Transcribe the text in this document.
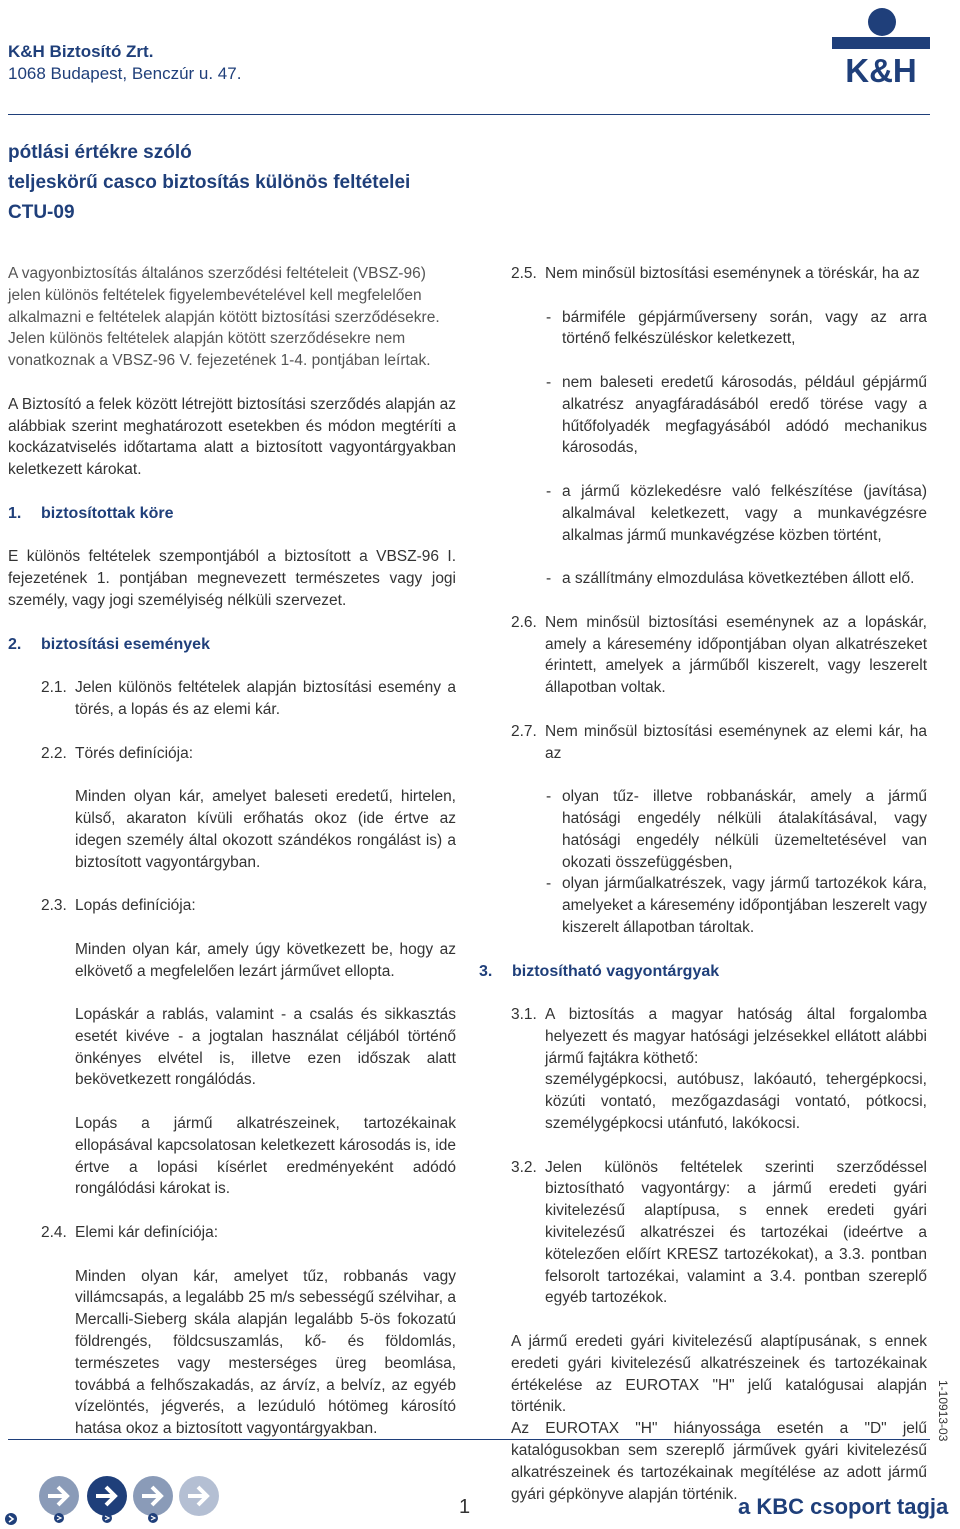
K&H Biztosító Zrt.
1068 Budapest, Benczúr u. 47.	K&H
pótlási értékre szóló
teljeskörű casco biztosítás különös feltételei
CTU-09
A vagyonbiztosítás általános szerződési feltételeit (VBSZ-96) jelen különös feltételek figyelembevételével kell megfelelően alkalmazni e feltételek alapján kötött biztosítási szerződésekre.
Jelen különös feltételek alapján kötött szerződésekre nem vonatkoznak a VBSZ-96 V. fejezetének 1-4. pontjában leírtak.
A Biztosító a felek között létrejött biztosítási szerződés alapján az alábbiak szerint meghatározott esetekben és módon megtéríti a kockázatviselés időtartama alatt a biztosított vagyontárgyakban keletkezett károkat.
1.	biztosítottak köre
E különös feltételek szempontjából a biztosított a VBSZ-96 I. fejezetének 1. pontjában megnevezett természetes vagy jogi személy, vagy jogi személyiség nélküli szervezet.
2.	biztosítási események
2.1. Jelen különös feltételek alapján biztosítási esemény a törés, a lopás és az elemi kár.
2.2. Törés definíciója:
Minden olyan kár, amelyet baleseti eredetű, hirtelen, külső, akaraton kívüli erőhatás okoz (ide értve az idegen személy által okozott szándékos rongálást is) a biztosított vagyontárgyban.
2.3. Lopás definíciója:
Minden olyan kár, amely úgy következett be, hogy az elkövető a megfelelően lezárt járművet ellopta.
Lopáskár a rablás, valamint - a csalás és sikkasztás esetét kivéve - a jogtalan használat céljából történő önkényes elvétel is, illetve ezen időszak alatt bekövetkezett rongálódás.
Lopás a jármű alkatrészeinek, tartozékainak ellopásával kapcsolatosan keletkezett károsodás is, ide értve a lopási kísérlet eredményeként adódó rongálódási károkat is.
2.4. Elemi kár definíciója:
Minden olyan kár, amelyet tűz, robbanás vagy villámcsapás, a legalább 25 m/s sebességű szélvihar, a Mercalli-Sieberg skála alapján legalább 5-ös fokozatú földrengés, földcsuszamlás, kő- és földomlás, természetes vagy mesterséges üreg beomlása, továbbá a felhőszakadás, az árvíz, a belvíz, az egyéb vízelöntés, jégverés, a lezúduló hótömeg károsító hatása okoz a biztosított vagyontárgyakban.
2.5. Nem minősül biztosítási eseménynek a töréskár, ha az
- bármiféle gépjárműverseny során, vagy az arra történő felkészüléskor keletkezett,
- nem baleseti eredetű károsodás, például gépjármű alkatrész anyagfáradásából eredő törése vagy a hűtőfolyadék megfagyásából adódó mechanikus károsodás,
- a jármű közlekedésre való felkészítése (javítása) alkalmával keletkezett, vagy a munkavégzésre alkalmas jármű munkavégzése közben történt,
- a szállítmány elmozdulása következtében állott elő.
2.6. Nem minősül biztosítási eseménynek az a lopáskár, amely a káresemény időpontjában olyan alkatrészeket érintett, amelyek a járműből kiszerelt, vagy leszerelt állapotban voltak.
2.7. Nem minősül biztosítási eseménynek az elemi kár, ha az
- olyan tűz- illetve robbanáskár, amely a jármű hatósági engedély nélküli átalakításával, vagy hatósági engedély nélküli üzemeltetésével van okozati összefüggésben,
- olyan járműalkatrészek, vagy jármű tartozékok kára, amelyeket a káresemény időpontjában leszerelt vagy kiszerelt állapotban tároltak.
3.	biztosítható vagyontárgyak
3.1. A biztosítás a magyar hatóság által forgalomba helyezett és magyar hatósági jelzésekkel ellátott alábbi jármű fajtákra köthető:
személygépkocsi, autóbusz, lakóautó, tehergépkocsi, közúti vontató, mezőgazdasági vontató, pótkocsi, személygépkocsi utánfutó, lakókocsi.
3.2. Jelen különös feltételek szerinti szerződéssel biztosítható vagyontárgy: a jármű eredeti gyári kivitelezésű alaptípusa, s ennek eredeti gyári kivitelezésű alkatrészei és tartozékai (ideértve a kötelezően előírt KRESZ tartozékokat), a 3.3. pontban felsorolt tartozékai, valamint a 3.4. pontban szereplő egyéb tartozékok.
A jármű eredeti gyári kivitelezésű alaptípusának, s ennek eredeti gyári kivitelezésű alkatrészeinek és tartozékainak értékelése az EUROTAX "H" jelű katalógusai alapján történik.
Az EUROTAX "H" hiányossága esetén a "D" jelű katalógusokban sem szereplő járművek gyári kivitelezésű alkatrészeinek és tartozékainak megítélése az adott jármű gyári gépkönyve alapján történik.
1-10913-03
1	a KBC csoport tagja
